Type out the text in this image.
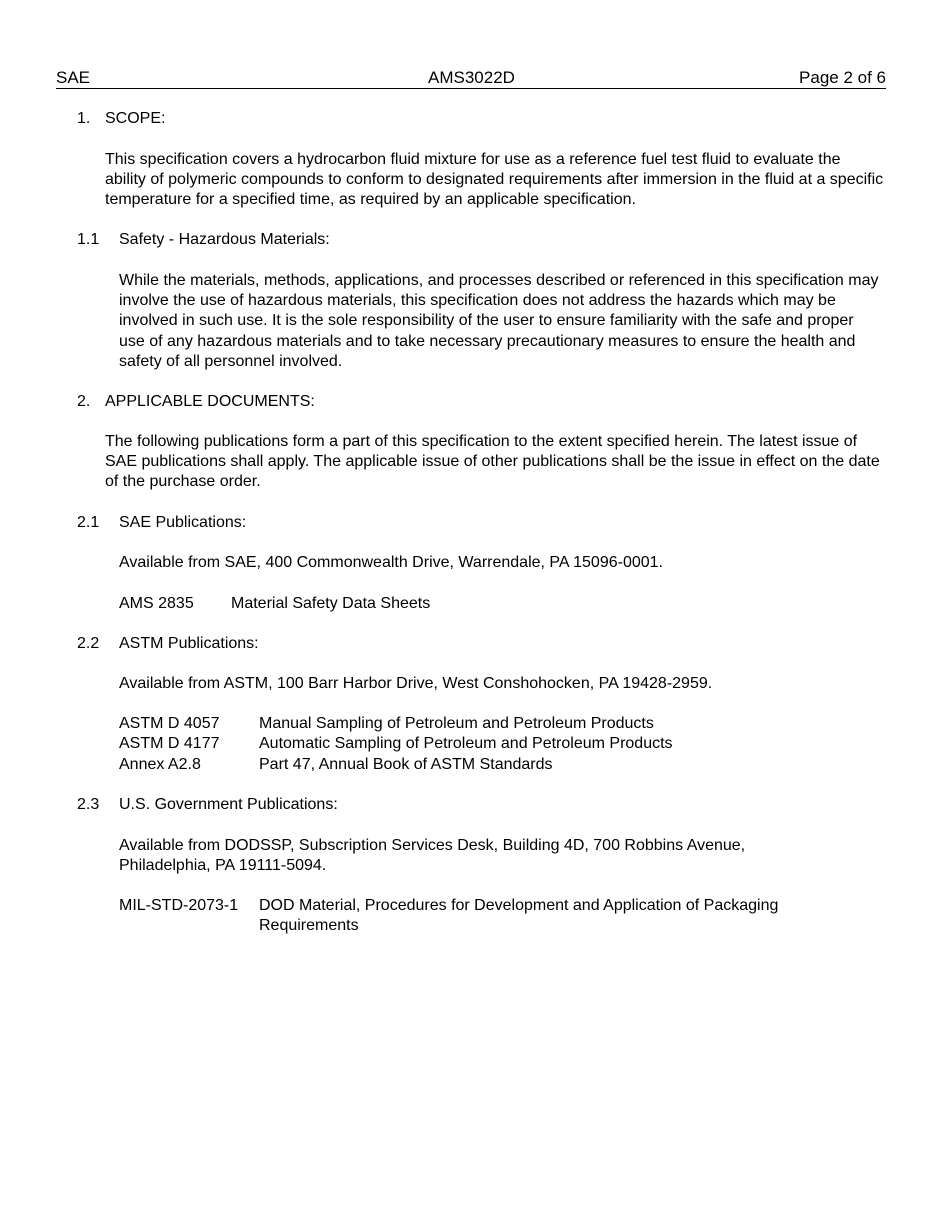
SAE	AMS3022D	Page 2 of 6
1. SCOPE:
This specification covers a hydrocarbon fluid mixture for use as a reference fuel test fluid to evaluate the ability of polymeric compounds to conform to designated requirements after immersion in the fluid at a specific temperature for a specified time, as required by an applicable specification.
1.1 Safety - Hazardous Materials:
While the materials, methods, applications, and processes described or referenced in this specification may involve the use of hazardous materials, this specification does not address the hazards which may be involved in such use. It is the sole responsibility of the user to ensure familiarity with the safe and proper use of any hazardous materials and to take necessary precautionary measures to ensure the health and safety of all personnel involved.
2. APPLICABLE DOCUMENTS:
The following publications form a part of this specification to the extent specified herein. The latest issue of SAE publications shall apply. The applicable issue of other publications shall be the issue in effect on the date of the purchase order.
2.1 SAE Publications:
Available from SAE, 400 Commonwealth Drive, Warrendale, PA 15096-0001.
AMS 2835 Material Safety Data Sheets
2.2 ASTM Publications:
Available from ASTM, 100 Barr Harbor Drive, West Conshohocken, PA 19428-2959.
ASTM D 4057 Manual Sampling of Petroleum and Petroleum Products
ASTM D 4177 Automatic Sampling of Petroleum and Petroleum Products
Annex A2.8	Part 47, Annual Book of ASTM Standards
2.3 U.S. Government Publications:
Available from DODSSP, Subscription Services Desk, Building 4D, 700 Robbins Avenue, Philadelphia, PA 19111-5094.
MIL-STD-2073-1 DOD Material, Procedures for Development and Application of Packaging Requirements
